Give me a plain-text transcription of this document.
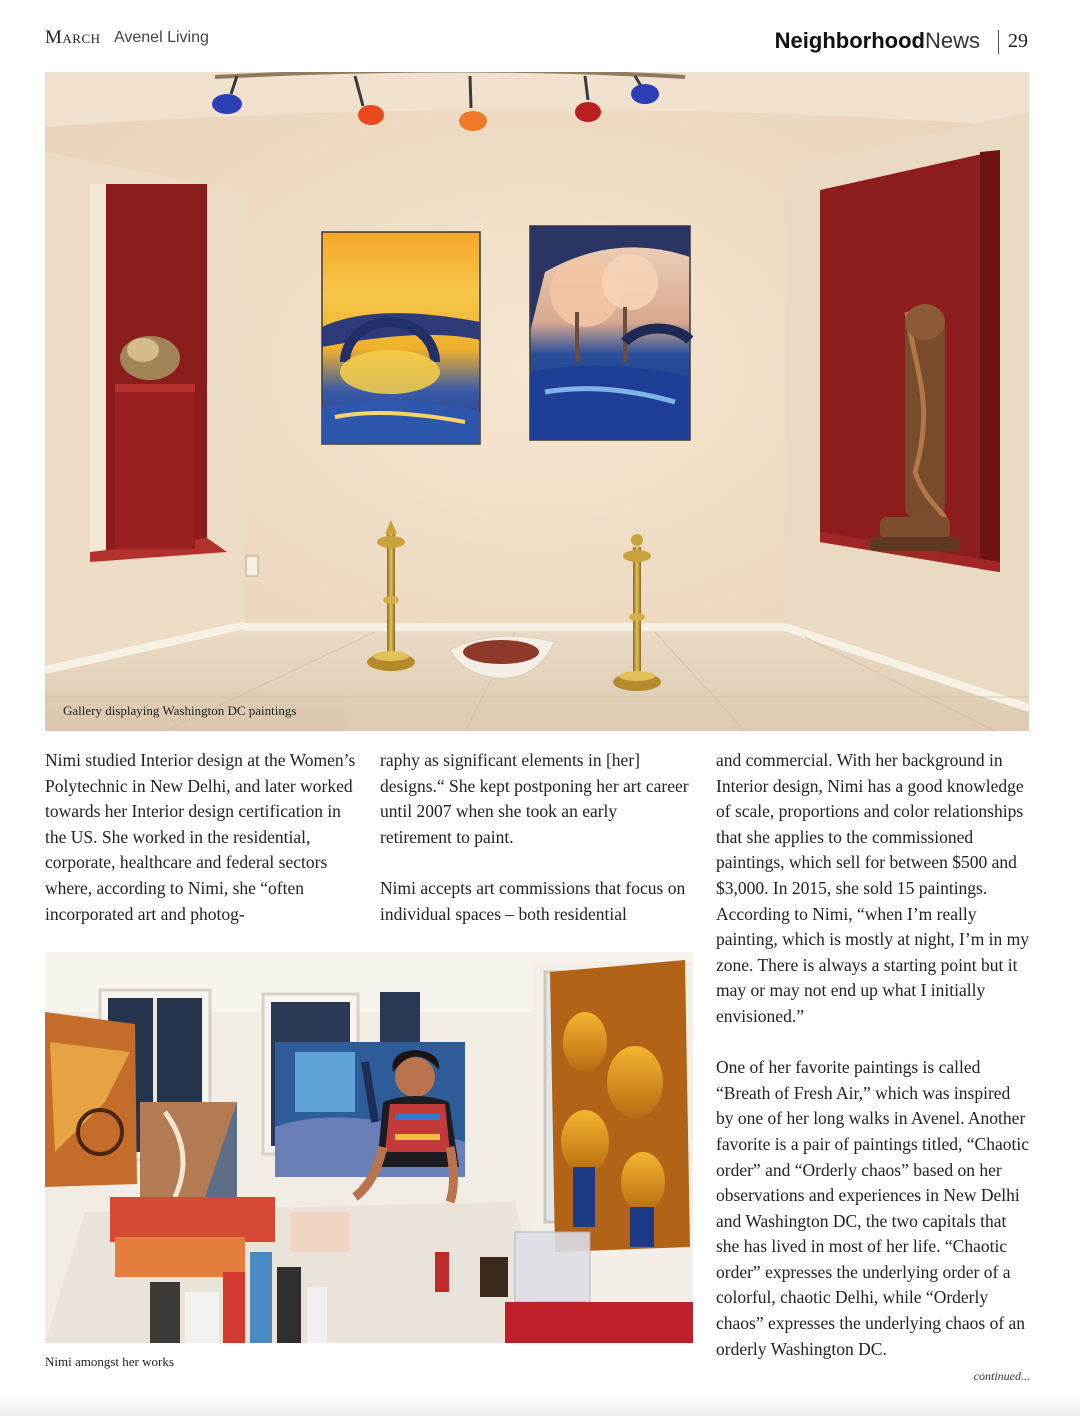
March Avenel Living	NeighborhoodNews 29
Gallery displaying Washington DC paintings
Nimi amongst her works

Nimi studied Interior design at the Women’s Polytechnic in New Delhi, and later worked towards her Interior design certification in the US. She worked in the residential, corporate, healthcare and federal sectors where, according to Nimi, she “often incorporated art and photog-

raphy as significant elements in [her] designs.“ She kept postponing her art career until 2007 when she took an early retirement to paint.

Nimi accepts art commissions that focus on individual spaces – both residential

and commercial. With her background in Interior design, Nimi has a good knowledge of scale, proportions and color relationships that she applies to the commissioned paintings, which sell for between $500 and $3,000. In 2015, she sold 15 paintings. According to Nimi, “when I’m really painting, which is mostly at night, I’m in my zone. There is always a starting point but it may or may not end up what I initially envisioned.”

One of her favorite paintings is called “Breath of Fresh Air,” which was inspired by one of her long walks in Avenel. Another favorite is a pair of paintings titled, “Chaotic order” and “Orderly chaos” based on her observations and experiences in New Delhi and Washington DC, the two capitals that she has lived in most of her life. “Chaotic order” expresses the underlying order of a colorful, chaotic Delhi, while “Orderly chaos” expresses the underlying chaos of an orderly Washington DC.

continued...
